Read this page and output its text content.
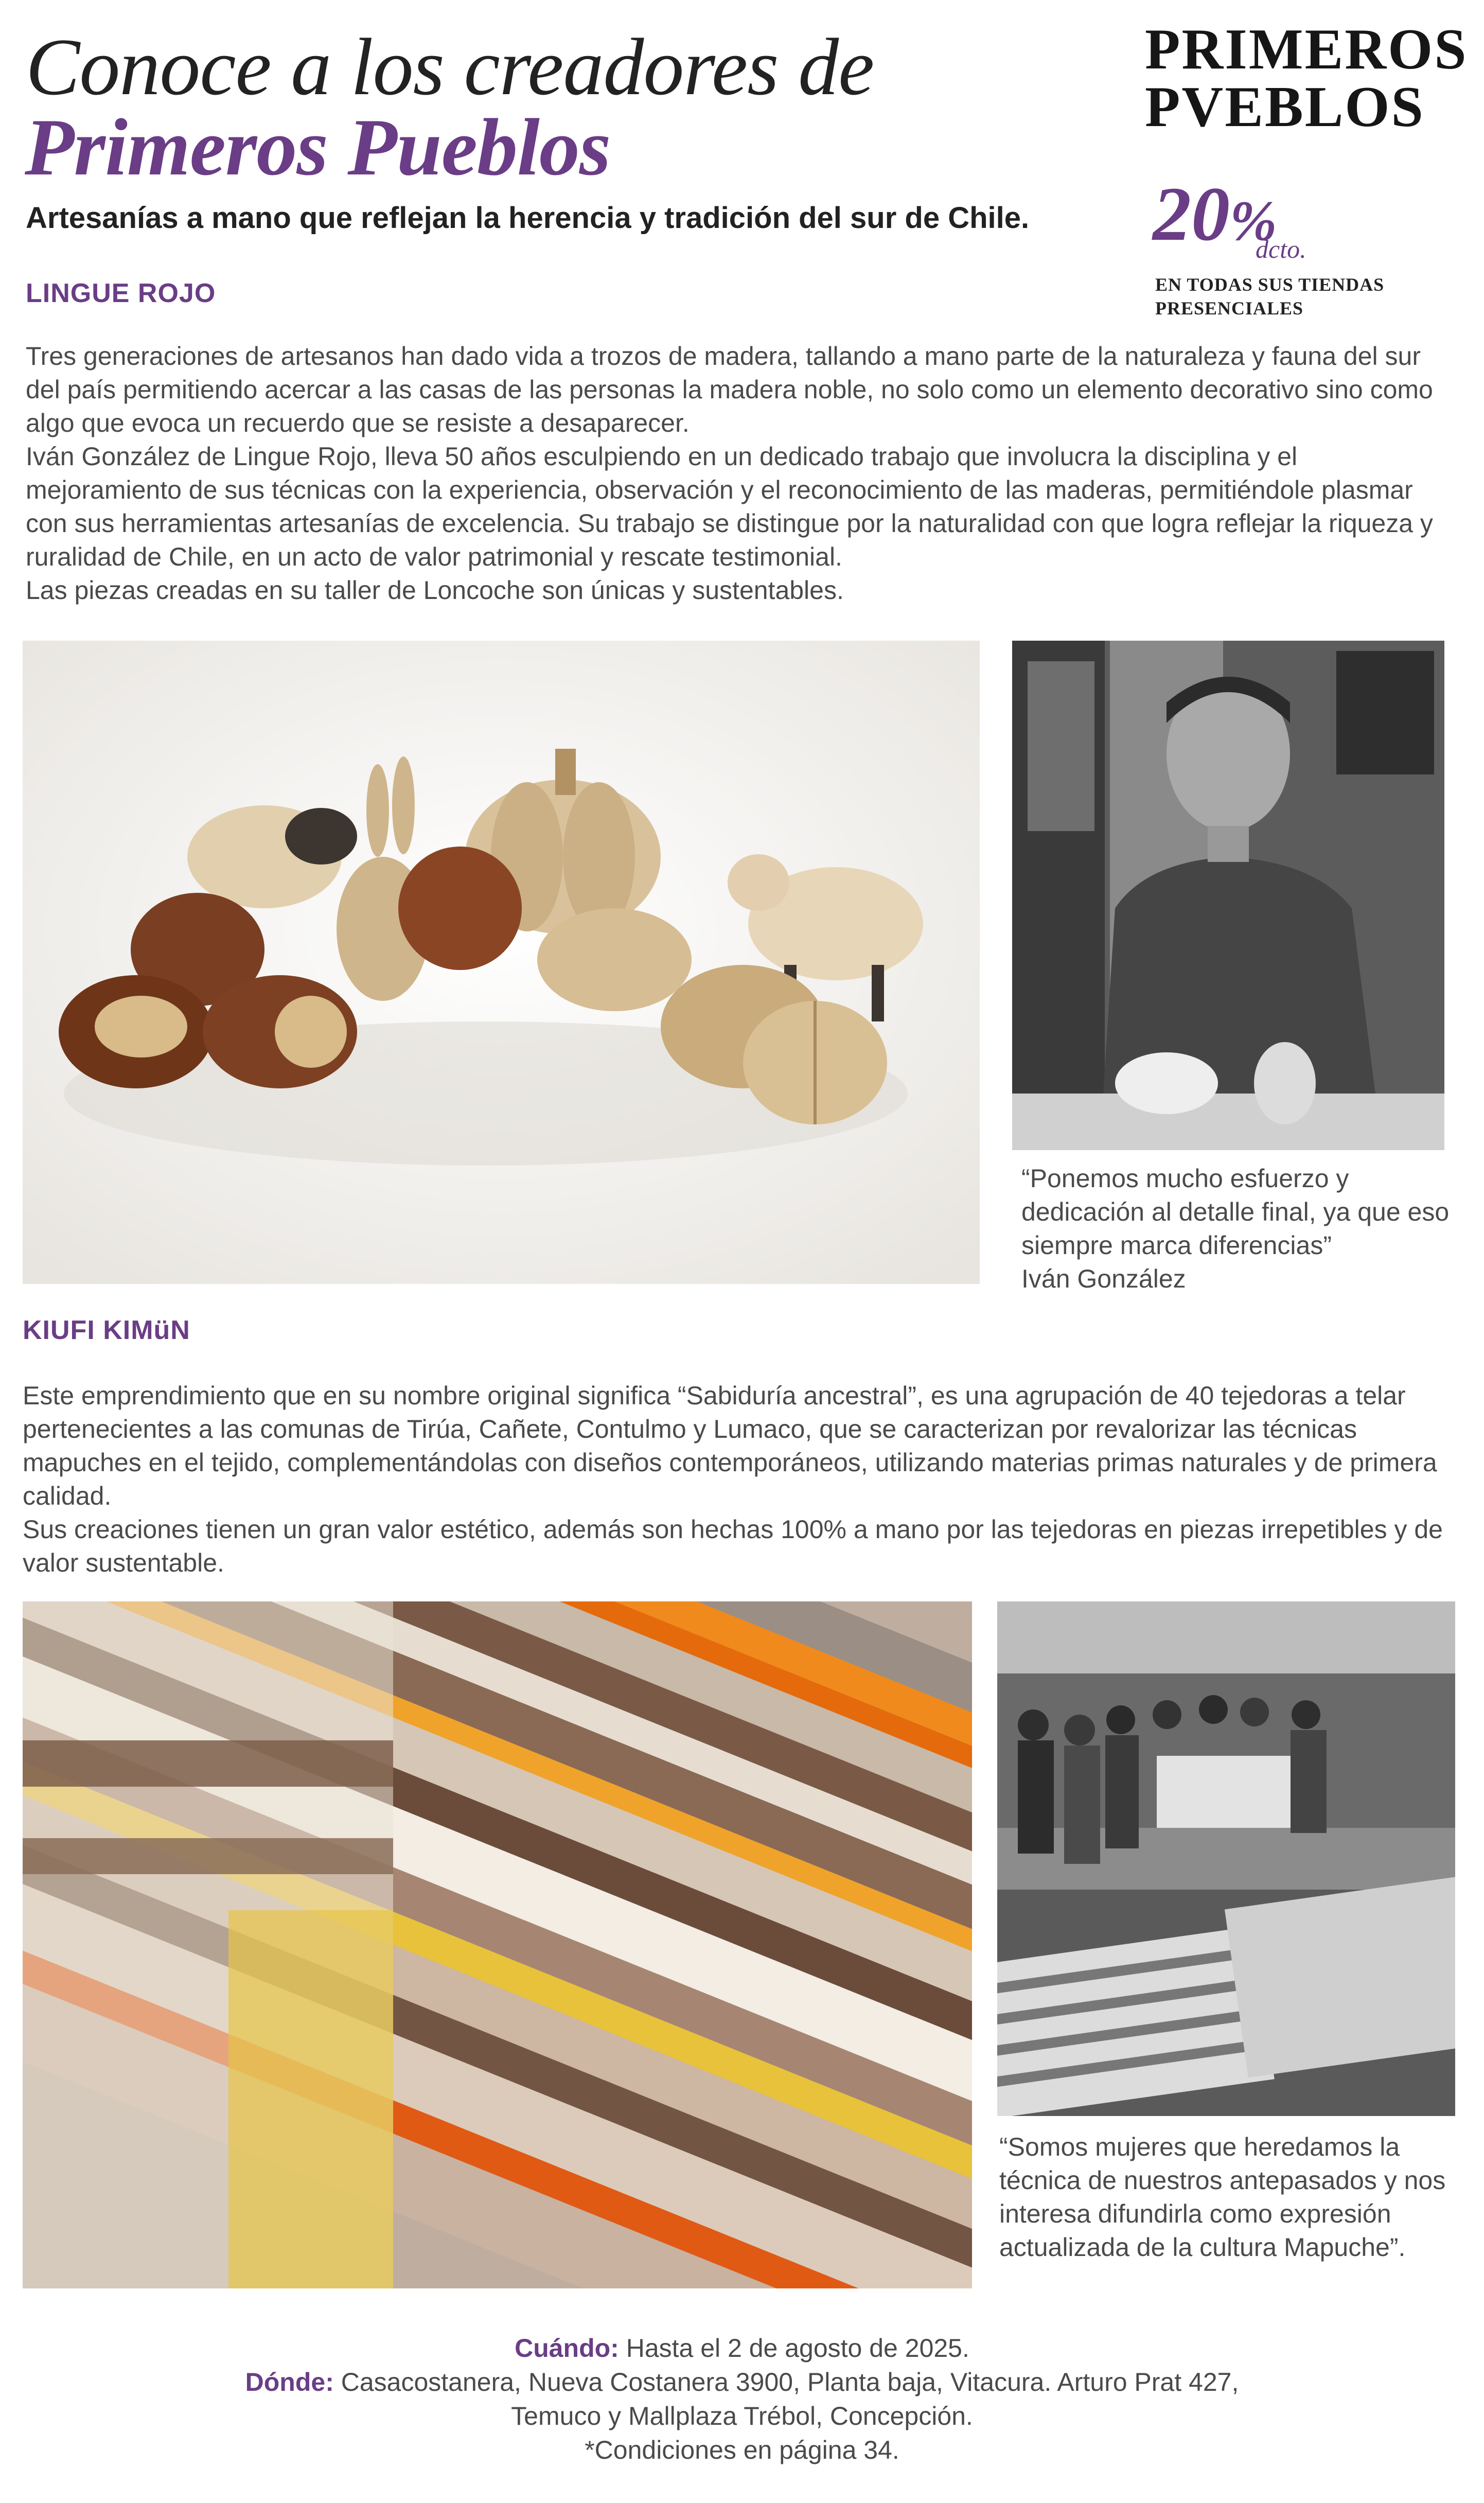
Conoce a los creadores de
Primeros Pueblos
Artesanías a mano que reflejan la herencia y tradición del sur de Chile.
PRIMEROS
PVEBLOS
20%
dcto.
EN TODAS SUS TIENDAS
PRESENCIALES
LINGUE ROJO

Tres generaciones de artesanos han dado vida a trozos de madera, tallando a mano parte de la naturaleza y fauna del sur del país permitiendo acercar a las casas de las personas la madera noble, no solo como un elemento decorativo sino como algo que evoca un recuerdo que se resiste a desaparecer.

Iván González de Lingue Rojo, lleva 50 años esculpiendo en un dedicado trabajo que involucra la disciplina y el mejoramiento de sus técnicas con la experiencia, observación y el reconocimiento de las maderas, permitiéndole plasmar con sus herramientas artesanías de excelencia. Su trabajo se distingue por la naturalidad con que logra reflejar la riqueza y ruralidad de Chile, en un acto de valor patrimonial y rescate testimonial.

Las piezas creadas en su taller de Loncoche son únicas y sustentables.

“Ponemos mucho esfuerzo y dedicación al detalle final, ya que eso siempre marca diferencias”
Iván González
KIUFI KIMüN

Este emprendimiento que en su nombre original significa “Sabiduría ancestral”, es una agrupación de 40 tejedoras a telar pertenecientes a las comunas de Tirúa, Cañete, Contulmo y Lumaco, que se caracterizan por revalorizar las técnicas mapuches en el tejido, complementándolas con diseños contemporáneos, utilizando materias primas naturales y de primera calidad.

Sus creaciones tienen un gran valor estético, además son hechas 100% a mano por las tejedoras en piezas irrepetibles y de valor sustentable.

“Somos mujeres que heredamos la técnica de nuestros antepasados y nos interesa difundirla como expresión actualizada de la cultura Mapuche”.
Cuándo: Hasta el 2 de agosto de 2025.
Dónde: Casacostanera, Nueva Costanera 3900, Planta baja, Vitacura. Arturo Prat 427,
Temuco y Mallplaza Trébol, Concepción.
*Condiciones en página 34.
